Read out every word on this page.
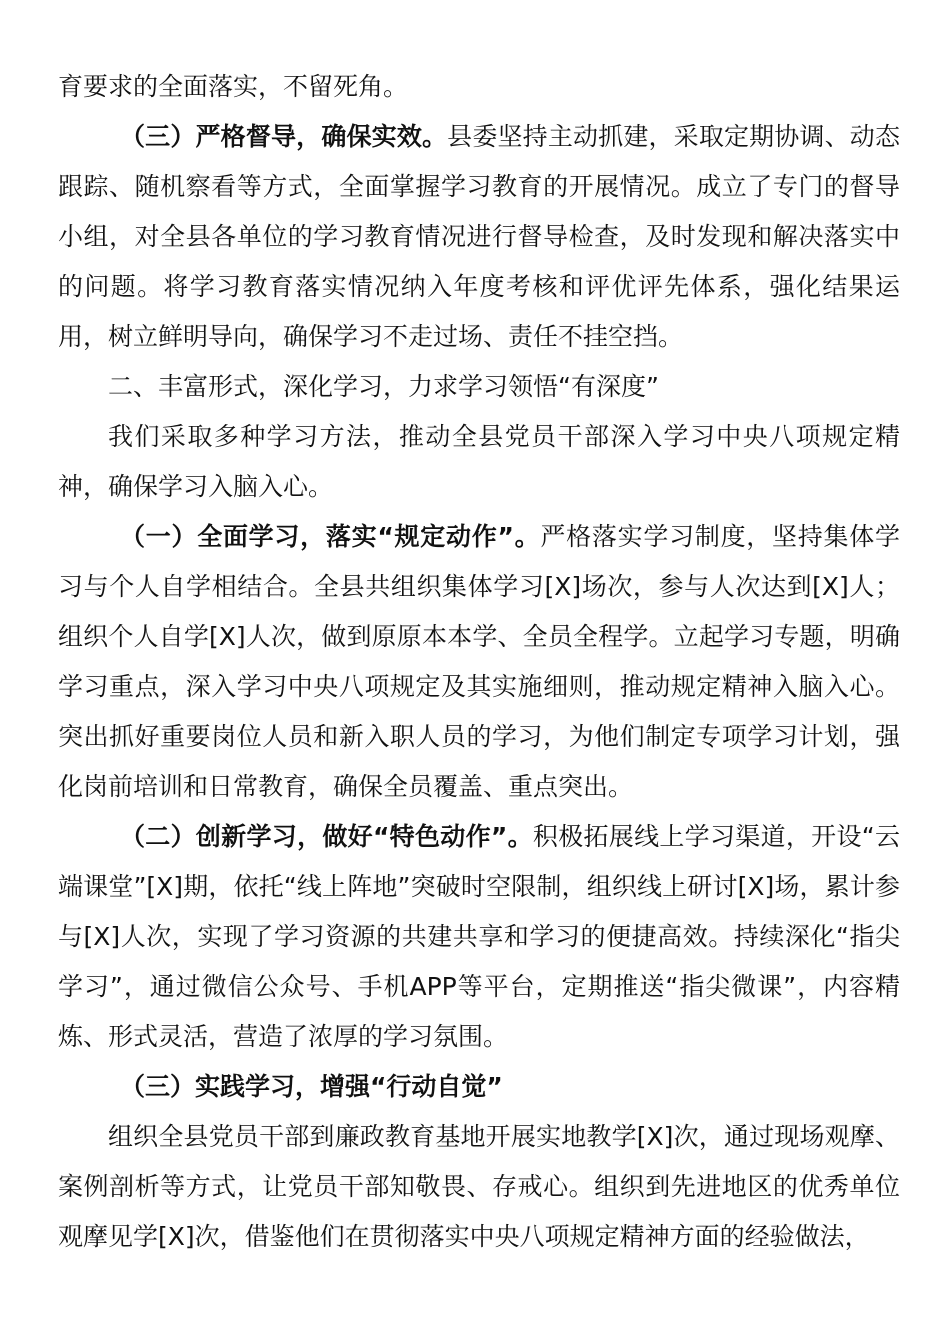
育要求的全面落实，不留死角。

（三）严格督导，确保实效。县委坚持主动抓建，采取定期协调、动态跟踪、随机察看等方式，全面掌握学习教育的开展情况。成立了专门的督导小组，对全县各单位的学习教育情况进行督导检查，及时发现和解决落实中的问题。将学习教育落实情况纳入年度考核和评优评先体系，强化结果运用，树立鲜明导向，确保学习不走过场、责任不挂空挡。

二、丰富形式，深化学习，力求学习领悟“有深度”

我们采取多种学习方法，推动全县党员干部深入学习中央八项规定精神，确保学习入脑入心。

（一）全面学习，落实“规定动作”。严格落实学习制度，坚持集体学习与个人自学相结合。全县共组织集体学习[X]场次，参与人次达到[X]人；组织个人自学[X]人次，做到原原本本学、全员全程学。立起学习专题，明确学习重点，深入学习中央八项规定及其实施细则，推动规定精神入脑入心。突出抓好重要岗位人员和新入职人员的学习，为他们制定专项学习计划，强化岗前培训和日常教育，确保全员覆盖、重点突出。

（二）创新学习，做好“特色动作”。积极拓展线上学习渠道，开设“云端课堂”[X]期，依托“线上阵地”突破时空限制，组织线上研讨[X]场，累计参与[X]人次，实现了学习资源的共建共享和学习的便捷高效。持续深化“指尖学习”，通过微信公众号、手机APP等平台，定期推送“指尖微课”，内容精炼、形式灵活，营造了浓厚的学习氛围。

（三）实践学习，增强“行动自觉”

组织全县党员干部到廉政教育基地开展实地教学[X]次，通过现场观摩、案例剖析等方式，让党员干部知敬畏、存戒心。组织到先进地区的优秀单位观摩见学[X]次，借鉴他们在贯彻落实中央八项规定精神方面的经验做法，
